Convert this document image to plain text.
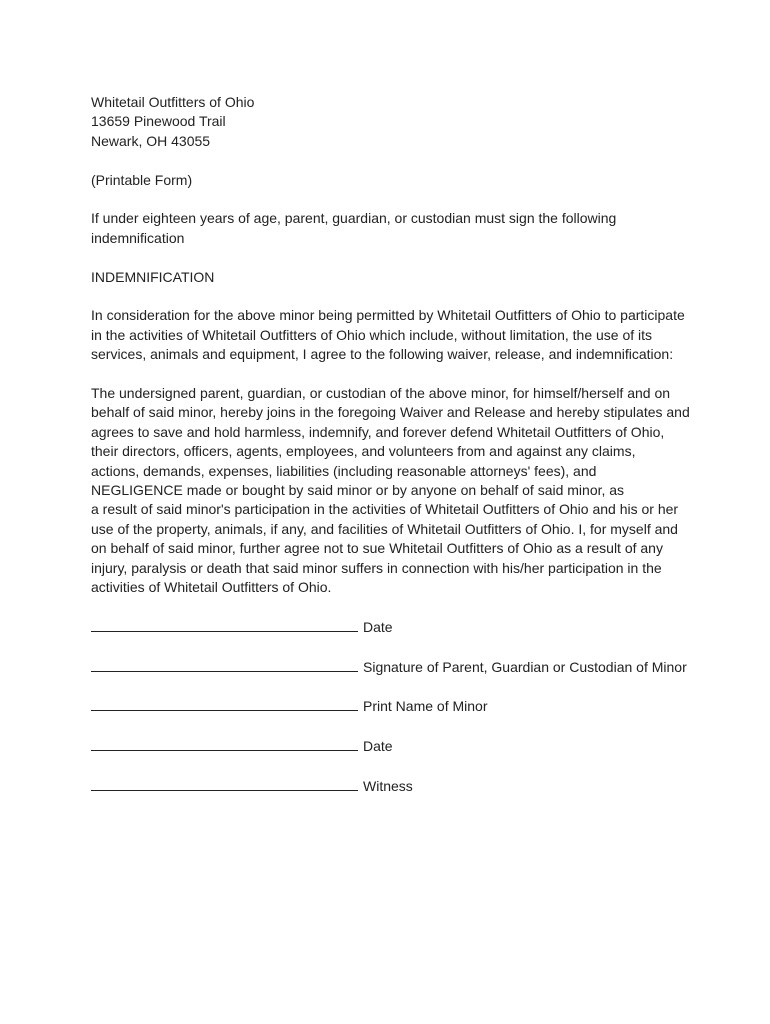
Whitetail Outfitters of Ohio
13659 Pinewood Trail
Newark, OH 43055
(Printable Form)
If under eighteen years of age, parent, guardian, or custodian must sign the following
indemnification
INDEMNIFICATION
In consideration for the above minor being permitted by Whitetail Outfitters of Ohio to participate
in the activities of Whitetail Outfitters of Ohio which include, without limitation, the use of its
services, animals and equipment, I agree to the following waiver, release, and indemnification:
The undersigned parent, guardian, or custodian of the above minor, for himself/herself and on
behalf of said minor, hereby joins in the foregoing Waiver and Release and hereby stipulates and
agrees to save and hold harmless, indemnify, and forever defend Whitetail Outfitters of Ohio,
their directors, officers, agents, employees, and volunteers from and against any claims,
actions, demands, expenses, liabilities (including reasonable attorneys' fees), and
NEGLIGENCE made or bought by said minor or by anyone on behalf of said minor, as
a result of said minor's participation in the activities of Whitetail Outfitters of Ohio and his or her
use of the property, animals, if any, and facilities of Whitetail Outfitters of Ohio. I, for myself and
on behalf of said minor, further agree not to sue Whitetail Outfitters of Ohio as a result of any
injury, paralysis or death that said minor suffers in connection with his/her participation in the
activities of Whitetail Outfitters of Ohio.
Date
Signature of Parent, Guardian or Custodian of Minor
Print Name of Minor
Date
Witness
